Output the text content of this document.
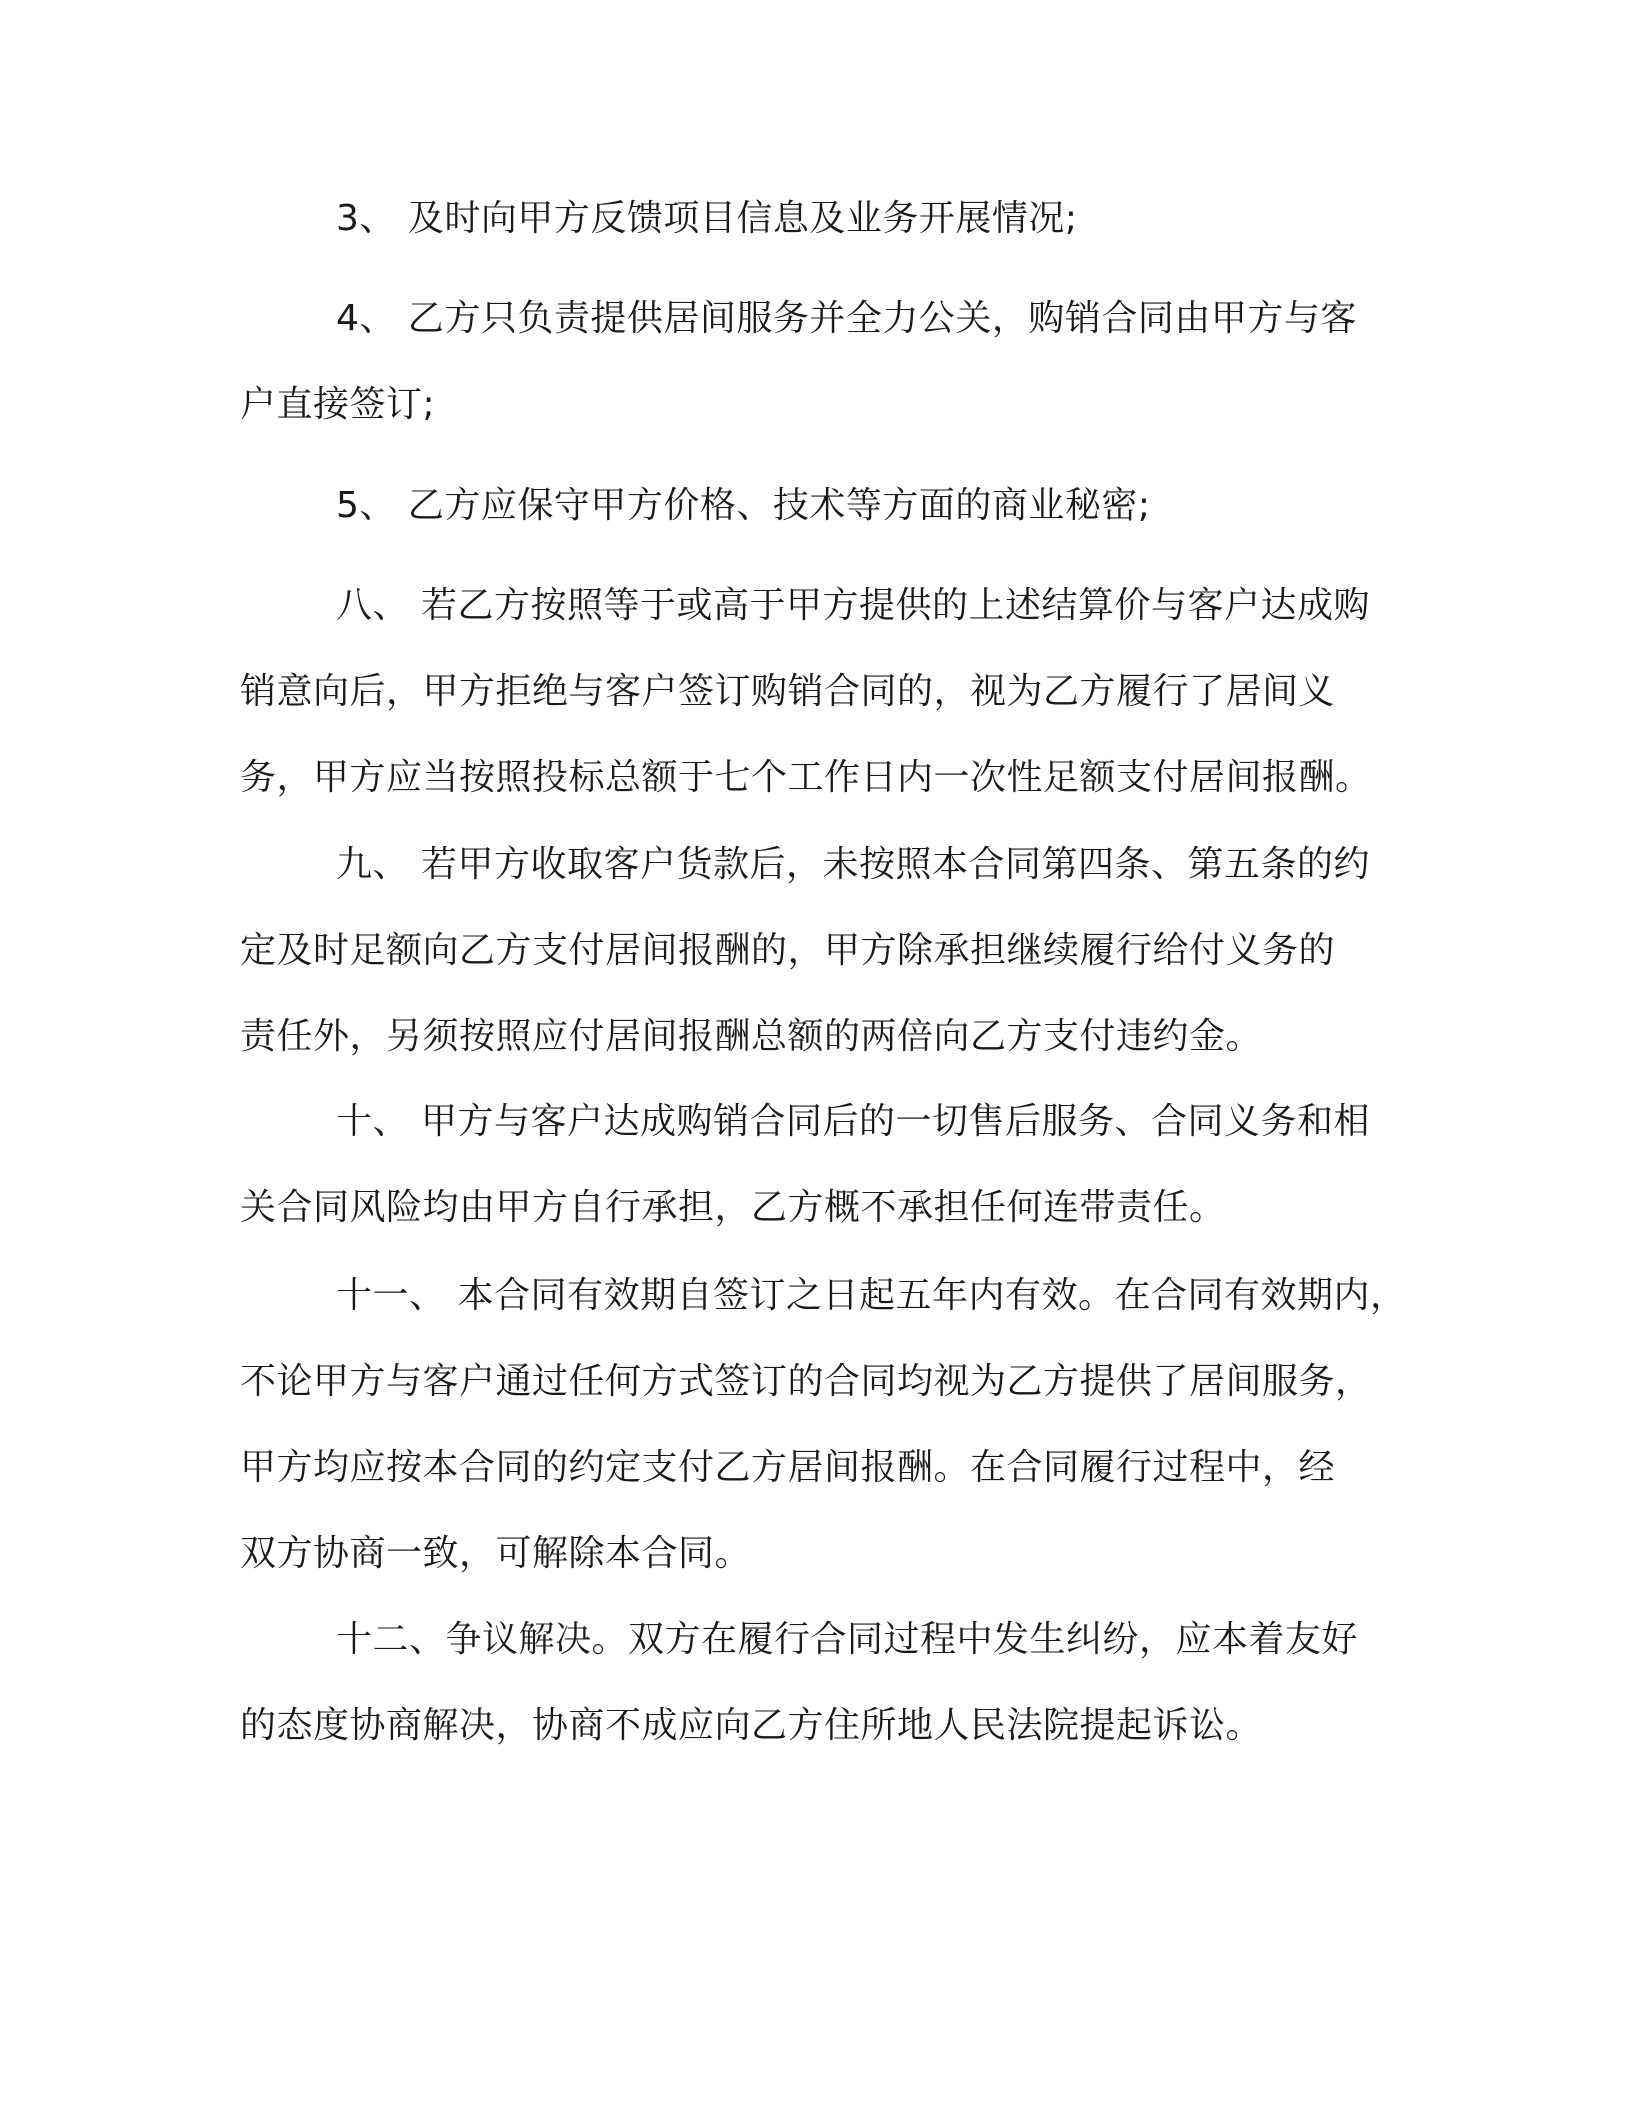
3、 及时向甲方反馈项目信息及业务开展情况;
4、 乙方只负责提供居间服务并全力公关，购销合同由甲方与客
户直接签订;
5、 乙方应保守甲方价格、技术等方面的商业秘密;
八、 若乙方按照等于或高于甲方提供的上述结算价与客户达成购
销意向后，甲方拒绝与客户签订购销合同的，视为乙方履行了居间义
务，甲方应当按照投标总额于七个工作日内一次性足额支付居间报酬。
九、 若甲方收取客户货款后，未按照本合同第四条、第五条的约
定及时足额向乙方支付居间报酬的，甲方除承担继续履行给付义务的
责任外，另须按照应付居间报酬总额的两倍向乙方支付违约金。
十、 甲方与客户达成购销合同后的一切售后服务、合同义务和相
关合同风险均由甲方自行承担，乙方概不承担任何连带责任。
十一、 本合同有效期自签订之日起五年内有效。在合同有效期内，
不论甲方与客户通过任何方式签订的合同均视为乙方提供了居间服务，
甲方均应按本合同的约定支付乙方居间报酬。在合同履行过程中，经
双方协商一致，可解除本合同。
十二、争议解决。双方在履行合同过程中发生纠纷，应本着友好
的态度协商解决，协商不成应向乙方住所地人民法院提起诉讼。
